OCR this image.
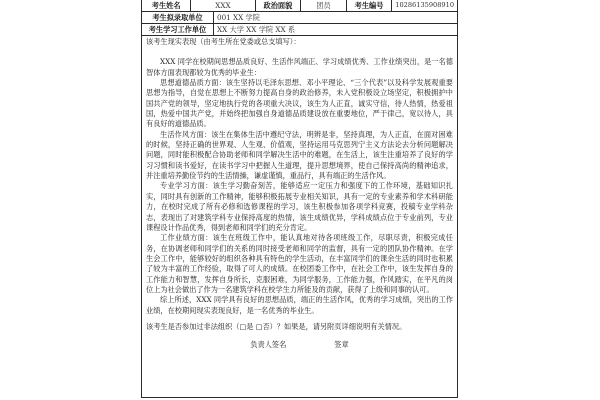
考生姓名	XXX	政治面貌	团员	考生编号	10286135908910
考生拟录取单位	001 XX 学院
考生学习工作单位	XX 大学 XX 学院 XX 系

该考生现实表现（由考生所在党委或总支填写）：

XXX 同学在校期间思想品质良好、生活作风端正、学习成绩优秀、工作业绩突出，是一名德智体方面表现都较为优秀的毕业生：

思想道德品质方面：该生坚持以毛泽东思想、邓小平理论、“三个代表”以及科学发展观重要思想为指导，自觉在思想上不断努力提高自身的政治修养，未入党积极设立场坚定，积极拥护中国共产党的领导，坚定地执行党的各项重大决议，该生为人正直，诚实守信，待人热情，热爱祖国，热爱中国共产党，并始终把加强自身道德品质建设放在重要地位，严于律己，宽以待人，具有良好的道德品质。

生活作风方面：该生在集体生活中遵纪守法，明辨是非，坚持真理，为人正直，在面对困难的时候，坚持正确的世界观、人生观、价值观，坚持运用马克思列宁主义方法论去分析问题解决问题，同时能积极配合协助老师和同学解决生活中的难题，在生活上，该生注重培养了良好的学习习惯和读书爱好，在读书学习中把握人生道理，提升思想境界，使自己保持高尚的精神追求，并注重培养勤俭节约的生活情操，谦虚谨慎，重品行，具有端正的生活作风。

专业学习方面：该生学习勤奋刻苦，能够适应一定压力和强度下的工作环境，基础知识扎实，同时具有创新的工作精神，能够积极拓展专业相关知识，具有一定的专业素养和学术科研能力，在校时完成了所有必修和选修课程的学习，该生积极参加各项学科竞赛，投稿专业学科杂志，表现出了对建筑学科专业保持高度的热情，该生成绩优异，学科成绩点位于专业前列，专业课程设计作品优秀，得到老师和同学们的充分肯定。

工作业绩方面：该生在班级工作中，能认真地对待各项班级工作，尽职尽责，积极完成任务，在协调老师和同学们的关系的同时接受老师和同学的监督，具有一定的团队协作精神。在学生会工作中，能够较好的组织各种具有特色的学生活动，在丰富同学们的课余生活的同时也积累了较为丰富的工作经验，取得了可人的成绩。在校团委工作中，在社会工作中，该生发挥自身的工作能力和智慧，发挥自身所长，克服困难，为同学服务，工作能力强，作风踏实，在平凡的岗位上为社会做出了作为一名建筑学科在校学生力所能及的贡献，获得了上级和同事的认可。

综上所述，XXX 同学具有良好的思想品质，端正的生活作风，优秀的学习成绩，突出的工作业绩，在校期间现实表现良好，是一名优秀的毕业生。

该考生是否参加过非法组织（□是 □否）？如果是，请另附页详细说明有关情况。

负责人签名	签章
